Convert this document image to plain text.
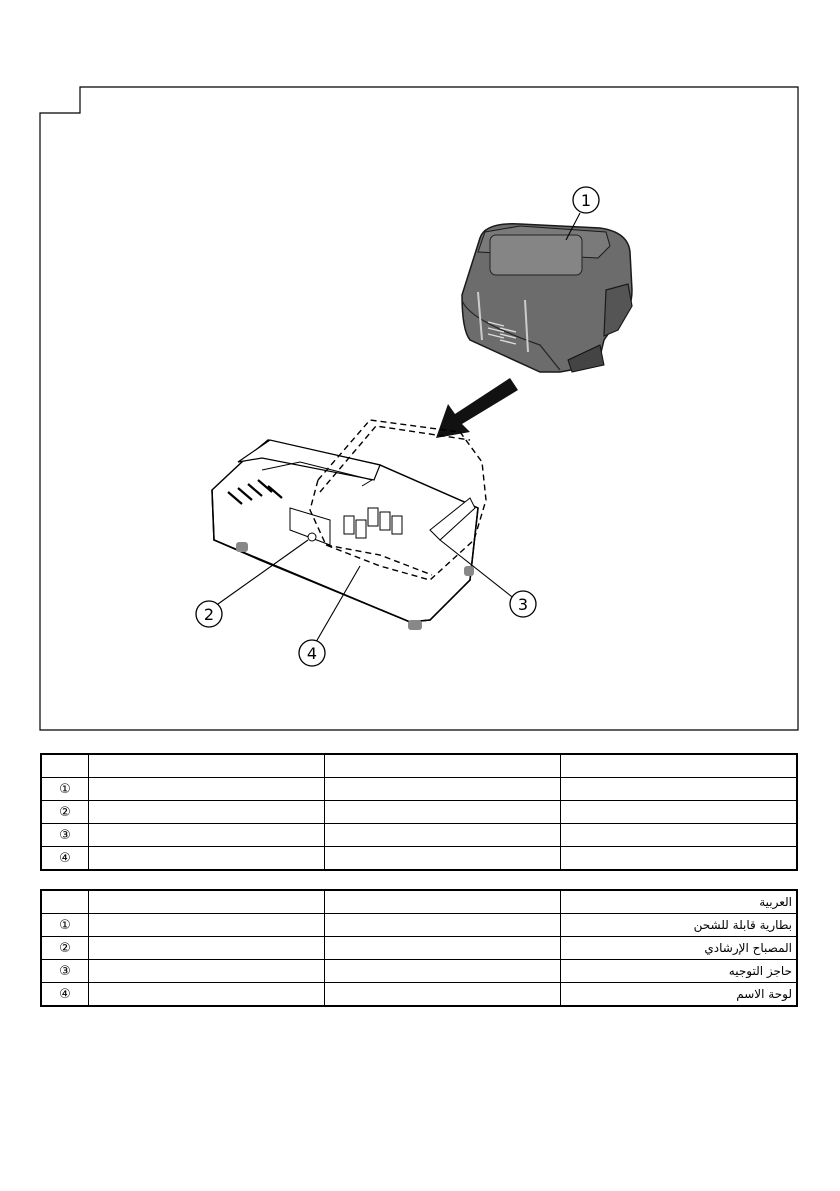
1
2
3
4

①			
②			
③			
④			
			العربية
①			بطارية قابلة للشحن
②			المصباح الإرشادي
③			حاجز التوجيه
④			لوحة الاسم
